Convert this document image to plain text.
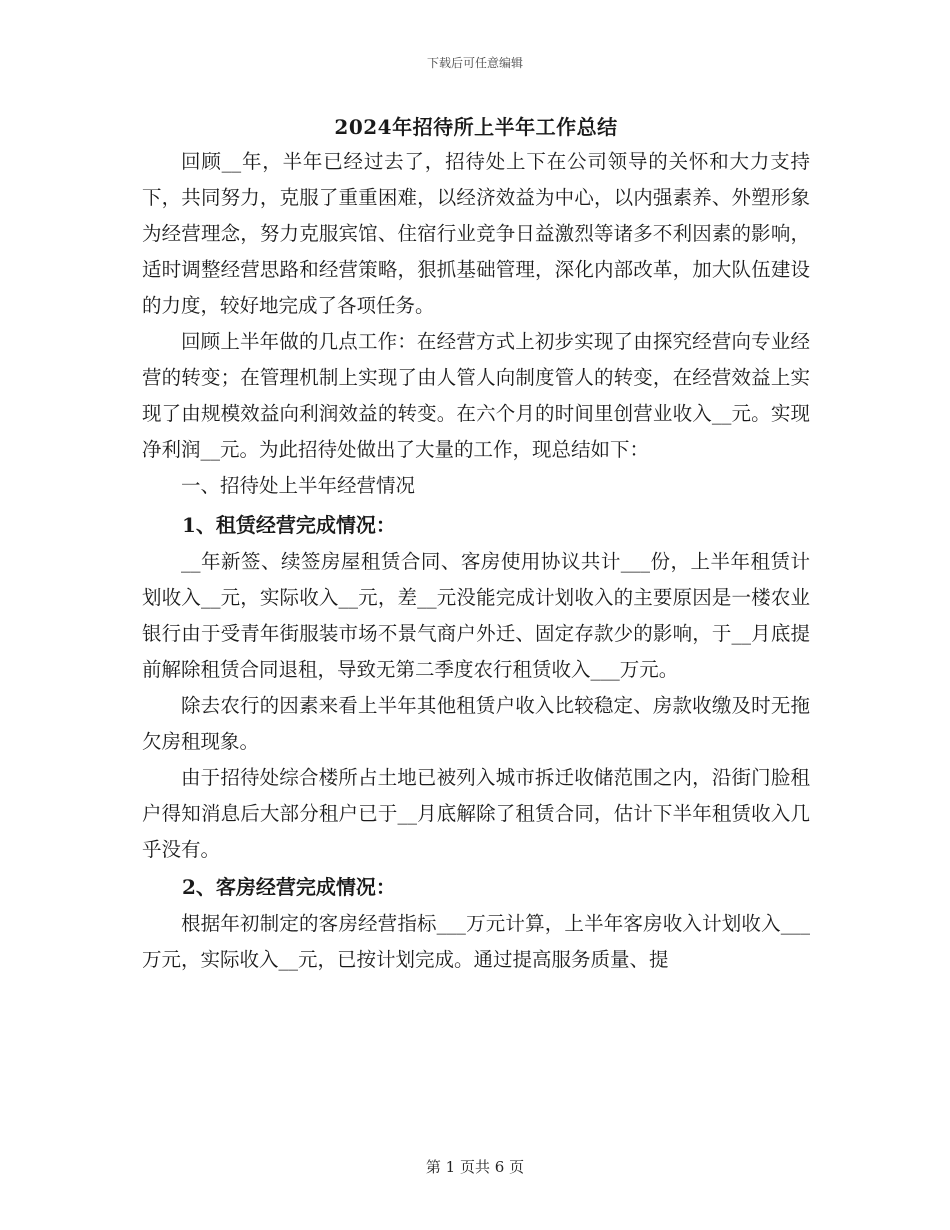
下载后可任意编辑
2024年招待所上半年工作总结

回顾__年，半年已经过去了，招待处上下在公司领导的关怀和大力支持下，共同努力，克服了重重困难，以经济效益为中心，以内强素养、外塑形象为经营理念，努力克服宾馆、住宿行业竞争日益激烈等诸多不利因素的影响，适时调整经营思路和经营策略，狠抓基础管理，深化内部改革，加大队伍建设的力度，较好地完成了各项任务。

回顾上半年做的几点工作：在经营方式上初步实现了由探究经营向专业经营的转变；在管理机制上实现了由人管人向制度管人的转变，在经营效益上实现了由规模效益向利润效益的转变。在六个月的时间里创营业收入__元。实现净利润__元。为此招待处做出了大量的工作，现总结如下：

一、招待处上半年经营情况

1、租赁经营完成情况：

__年新签、续签房屋租赁合同、客房使用协议共计___份，上半年租赁计划收入__元，实际收入__元，差__元没能完成计划收入的主要原因是一楼农业银行由于受青年街服装市场不景气商户外迁、固定存款少的影响，于__月底提前解除租赁合同退租，导致无第二季度农行租赁收入___万元。

除去农行的因素来看上半年其他租赁户收入比较稳定、房款收缴及时无拖欠房租现象。

由于招待处综合楼所占土地已被列入城市拆迁收储范围之内，沿街门脸租户得知消息后大部分租户已于__月底解除了租赁合同，估计下半年租赁收入几乎没有。

2、客房经营完成情况：

根据年初制定的客房经营指标___万元计算，上半年客房收入计划收入___万元，实际收入__元，已按计划完成。通过提高服务质量、提

第 1 页共 6 页
